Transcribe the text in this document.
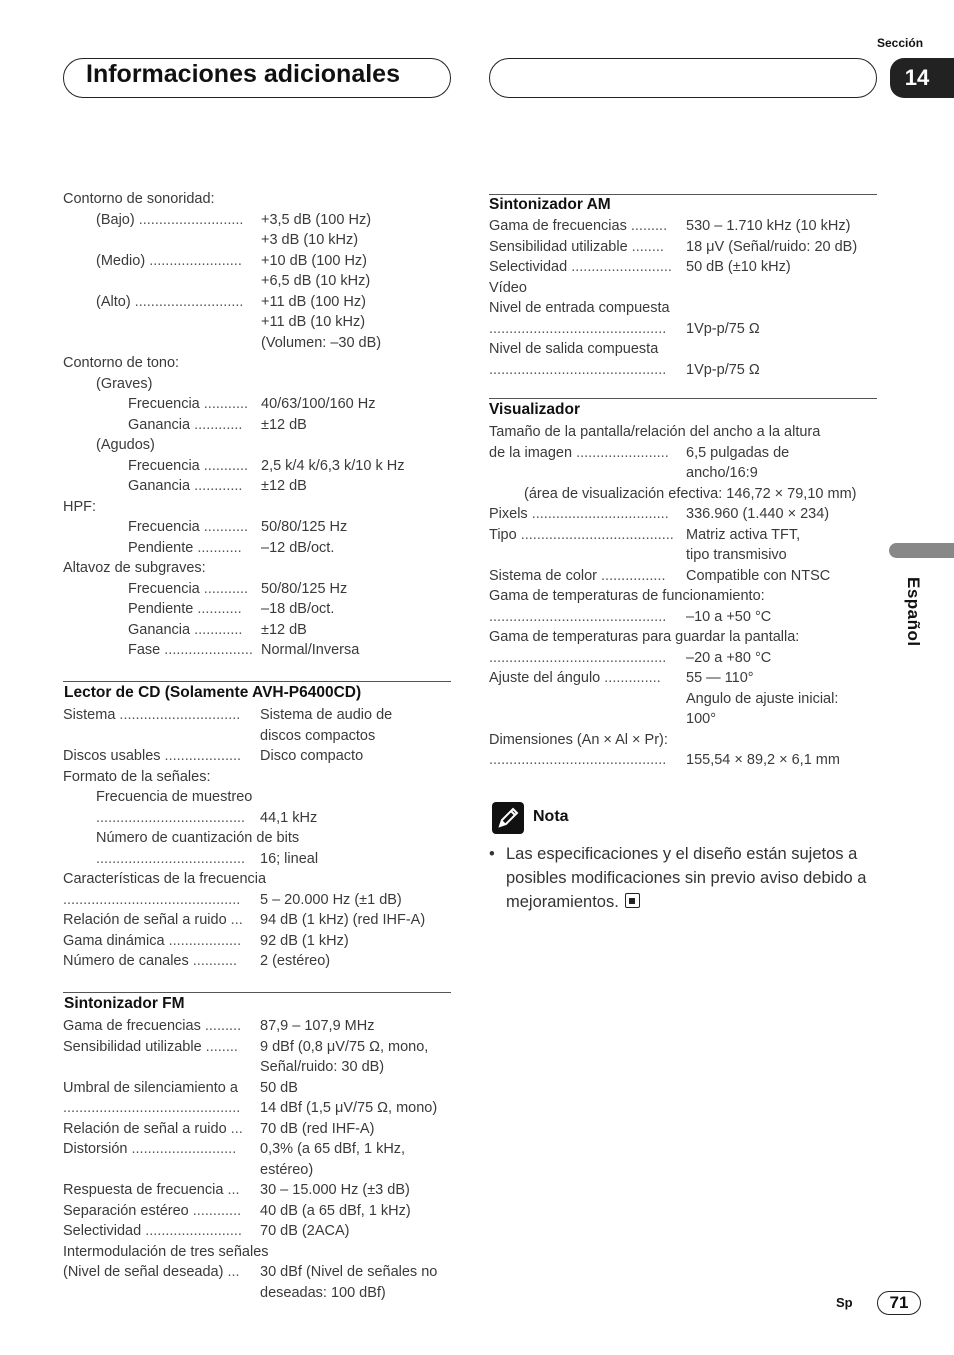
Informaciones adicionales
Sección
14
Contorno de sonoridad:
(Bajo) .......................... +3,5 dB (100 Hz)
+3 dB (10 kHz)
(Medio) ....................... +10 dB (100 Hz)
+6,5 dB (10 kHz)
(Alto) ........................... +11 dB (100 Hz)
+11 dB (10 kHz)
(Volumen: –30 dB)
Contorno de tono:
(Graves)
Frecuencia ........... 40/63/100/160 Hz
Ganancia ............ ±12 dB
(Agudos)
Frecuencia ........... 2,5 k/4 k/6,3 k/10 k Hz
Ganancia ............ ±12 dB
HPF:
Frecuencia ........... 50/80/125 Hz
Pendiente ........... –12 dB/oct.
Altavoz de subgraves:
Frecuencia ........... 50/80/125 Hz
Pendiente ........... –18 dB/oct.
Ganancia ............ ±12 dB
Fase ...................... Normal/Inversa
Lector de CD (Solamente AVH-P6400CD)
Sistema .............................. Sistema de audio de
discos compactos
Discos usables ................... Disco compacto
Formato de la señales:
Frecuencia de muestreo
..................................... 44,1 kHz
Número de cuantización de bits
..................................... 16; lineal
Características de la frecuencia
............................................ 5 – 20.000 Hz (±1 dB)
Relación de señal a ruido ... 94 dB (1 kHz) (red IHF-A)
Gama dinámica .................. 92 dB (1 kHz)
Número de canales ........... 2 (estéreo)
Sintonizador FM
Gama de frecuencias ......... 87,9 – 107,9 MHz
Sensibilidad utilizable ........ 9 dBf (0,8 μV/75 Ω, mono,
Señal/ruido: 30 dB)
Umbral de silenciamiento a 50 dB
............................................ 14 dBf (1,5 μV/75 Ω, mono)
Relación de señal a ruido ... 70 dB (red IHF-A)
Distorsión .......................... 0,3% (a 65 dBf, 1 kHz,
estéreo)
Respuesta de frecuencia ... 30 – 15.000 Hz (±3 dB)
Separación estéreo ............ 40 dB (a 65 dBf, 1 kHz)
Selectividad ........................ 70 dB (2ACA)
Intermodulación de tres señales
(Nivel de señal deseada) ... 30 dBf (Nivel de señales no
deseadas: 100 dBf)
Sintonizador AM
Gama de frecuencias ......... 530 – 1.710 kHz (10 kHz)
Sensibilidad utilizable ........ 18 μV (Señal/ruido: 20 dB)
Selectividad ......................... 50 dB (±10 kHz)
Vídeo
Nivel de entrada compuesta
............................................ 1Vp-p/75 Ω
Nivel de salida compuesta
............................................ 1Vp-p/75 Ω
Visualizador
Tamaño de la pantalla/relación del ancho a la altura
de la imagen ....................... 6,5 pulgadas de
ancho/16:9
(área de visualización efectiva: 146,72 × 79,10 mm)
Pixels .................................. 336.960 (1.440 × 234)
Tipo ...................................... Matriz activa TFT,
tipo transmisivo
Sistema de color ................ Compatible con NTSC
Gama de temperaturas de funcionamiento:
............................................ –10 a +50 °C
Gama de temperaturas para guardar la pantalla:
............................................ –20 a +80 °C
Ajuste del ángulo .............. 55 — 110°
Angulo de ajuste inicial:
100°
Dimensiones (An × Al × Pr):
............................................ 155,54 × 89,2 × 6,1 mm
Nota
• Las especificaciones y el diseño están sujetos a posibles modificaciones sin previo aviso debido a mejoramientos.
Español
Sp	71
